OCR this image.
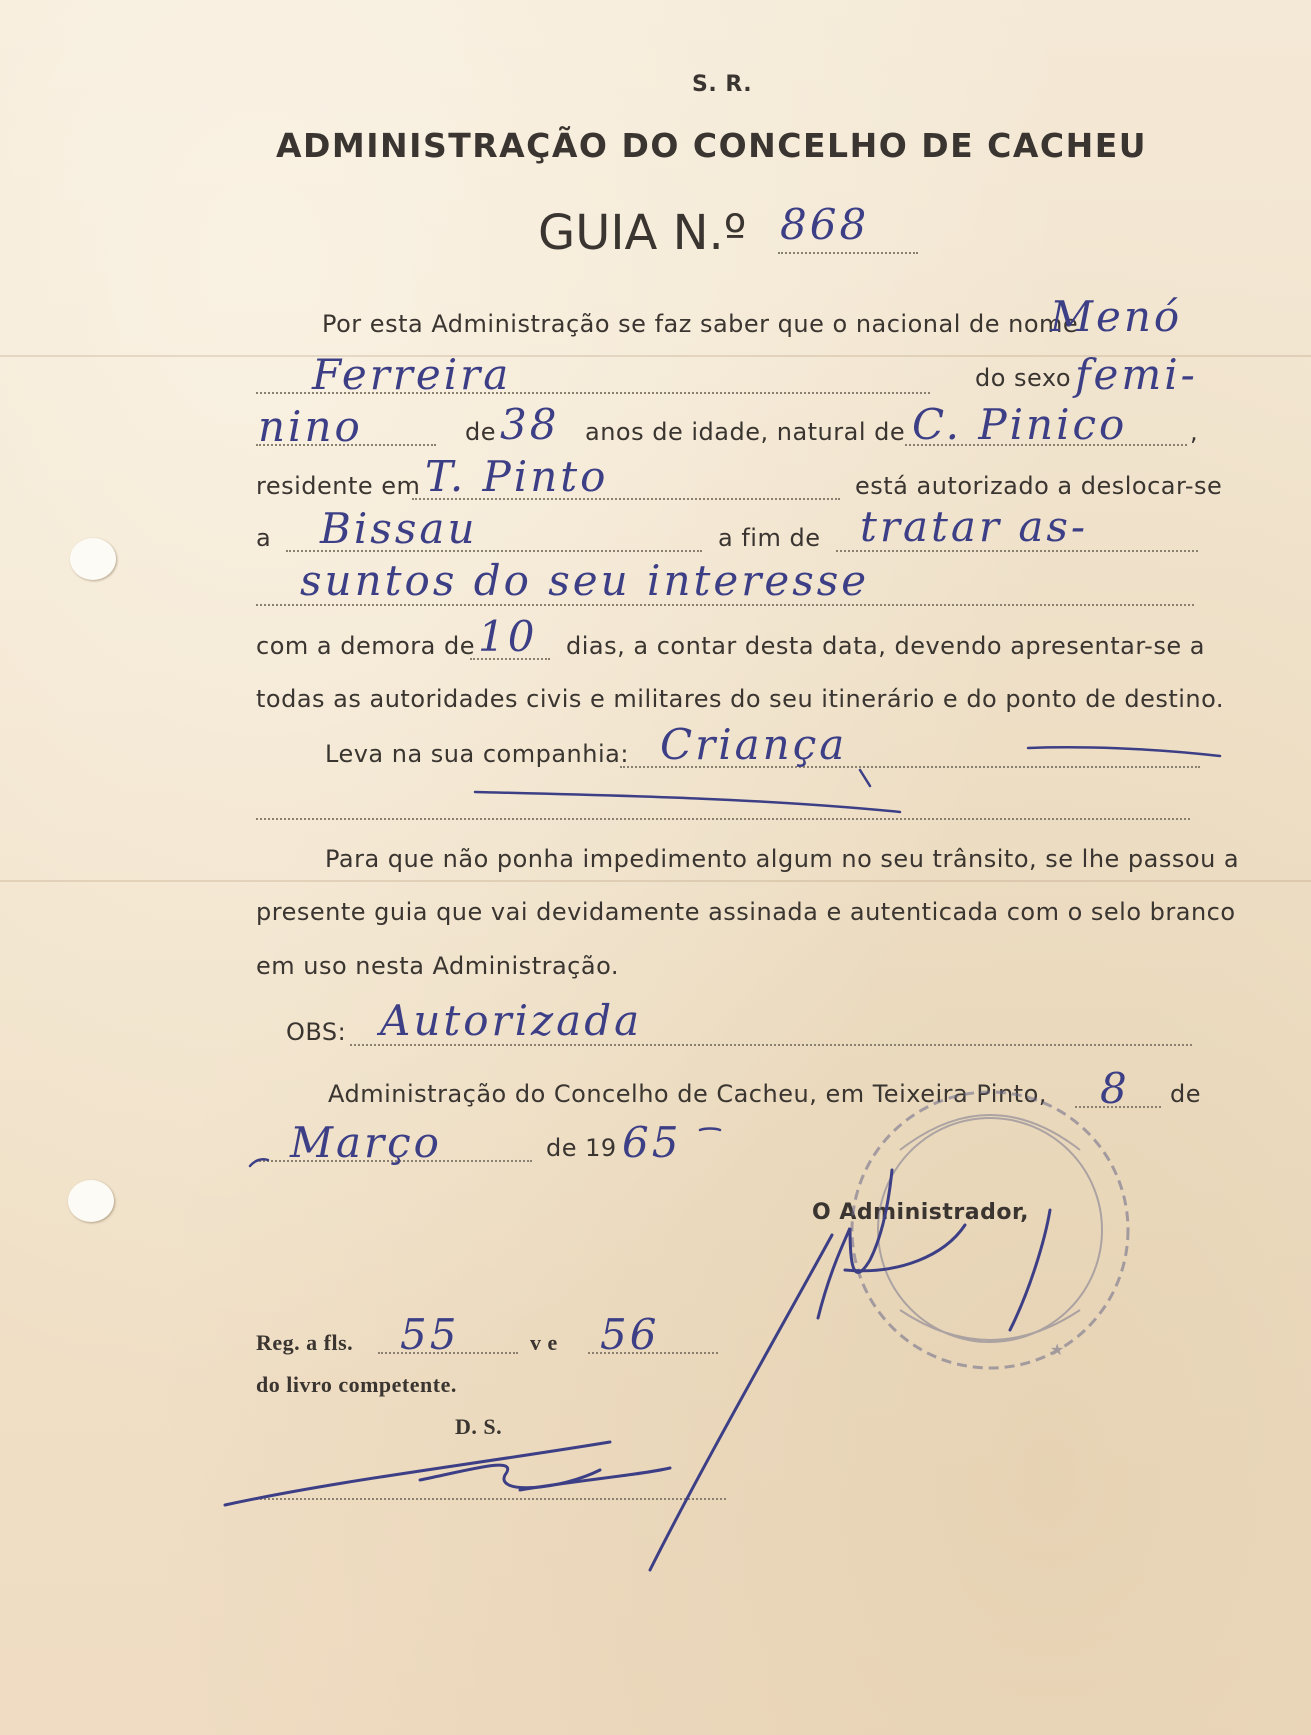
S. R.
ADMINISTRAÇÃO DO CONCELHO DE CACHEU
GUIA N.º 868
Por esta Administração se faz saber que o nacional de nome
Menó
Ferreira	do sexo femi-
nino	de 38 anos de idade, natural de C. Pinico	,
residente em T. Pinto	está autorizado a deslocar-se
a Bissau	a fim de tratar as-
suntos do seu interesse
com a demora de 10 dias, a contar desta data, devendo apresentar-se a
todas as autoridades civis e militares do seu itinerário e do ponto de destino.
Leva na sua companhia: Criança
Para que não ponha impedimento algum no seu trânsito, se lhe passou a
presente guia que vai devidamente assinada e autenticada com o selo branco
em uso nesta Administração.
OBS: Autorizada
Administração do Concelho de Cacheu, em Teixeira Pinto, 8 de
Março	de 19 65
O Administrador,
Reg. a fls. 55	v e 56
do livro competente.
D. S.
★
